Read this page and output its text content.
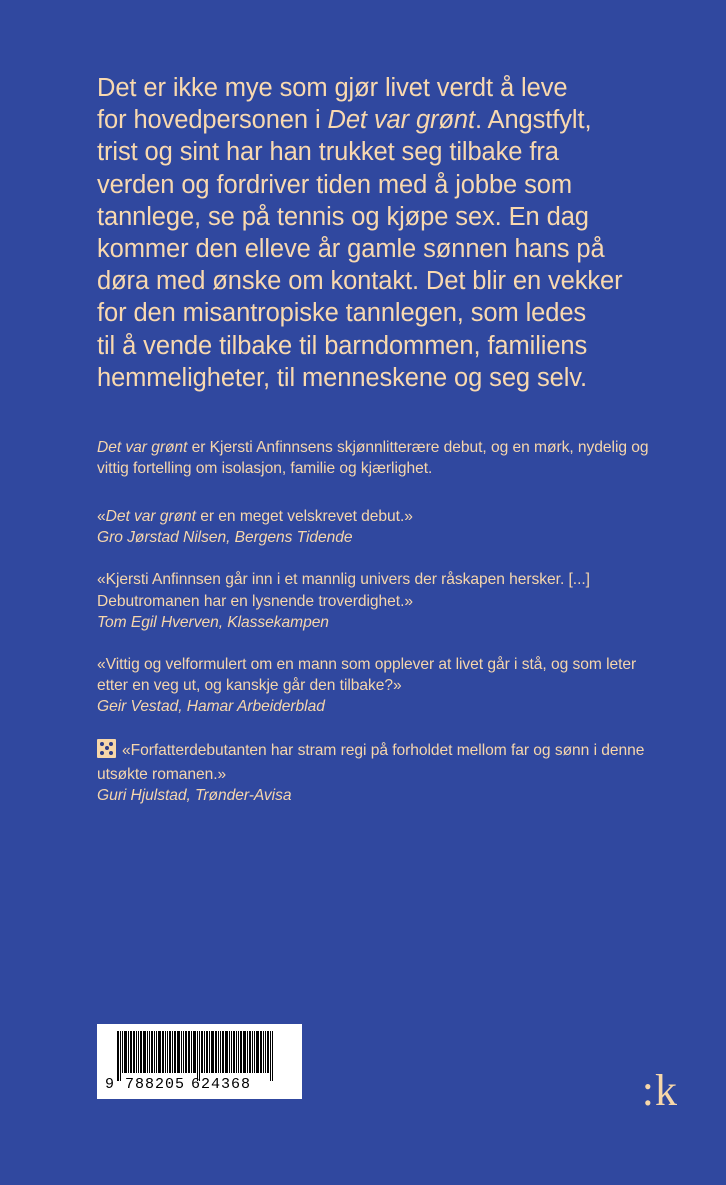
Det er ikke mye som gjør livet verdt å leve
for hovedpersonen i Det var grønt. Angstfylt,
trist og sint har han trukket seg tilbake fra
verden og fordriver tiden med å jobbe som
tannlege, se på tennis og kjøpe sex. En dag
kommer den elleve år gamle sønnen hans på
døra med ønske om kontakt. Det blir en vekker
for den misantropiske tannlegen, som ledes
til å vende tilbake til barndommen, familiens
hemmeligheter, til menneskene og seg selv.
Det var grønt er Kjersti Anfinnsens skjønnlitterære debut, og en mørk, nydelig og vittig fortelling om isolasjon, familie og kjærlighet.
«Det var grønt er en meget velskrevet debut.»
Gro Jørstad Nilsen, Bergens Tidende
«Kjersti Anfinnsen går inn i et mannlig univers der råskapen hersker. [...] Debutromanen har en lysnende troverdighet.»
Tom Egil Hverven, Klassekampen
«Vittig og velformulert om en mann som opplever at livet går i stå, og som leter etter en veg ut, og kanskje går den tilbake?»
Geir Vestad, Hamar Arbeiderblad
«Forfatterdebutanten har stram regi på forholdet mellom far og sønn i denne utsøkte romanen.»
Guri Hjulstad, Trønder-Avisa
9 788205 624368	:k
